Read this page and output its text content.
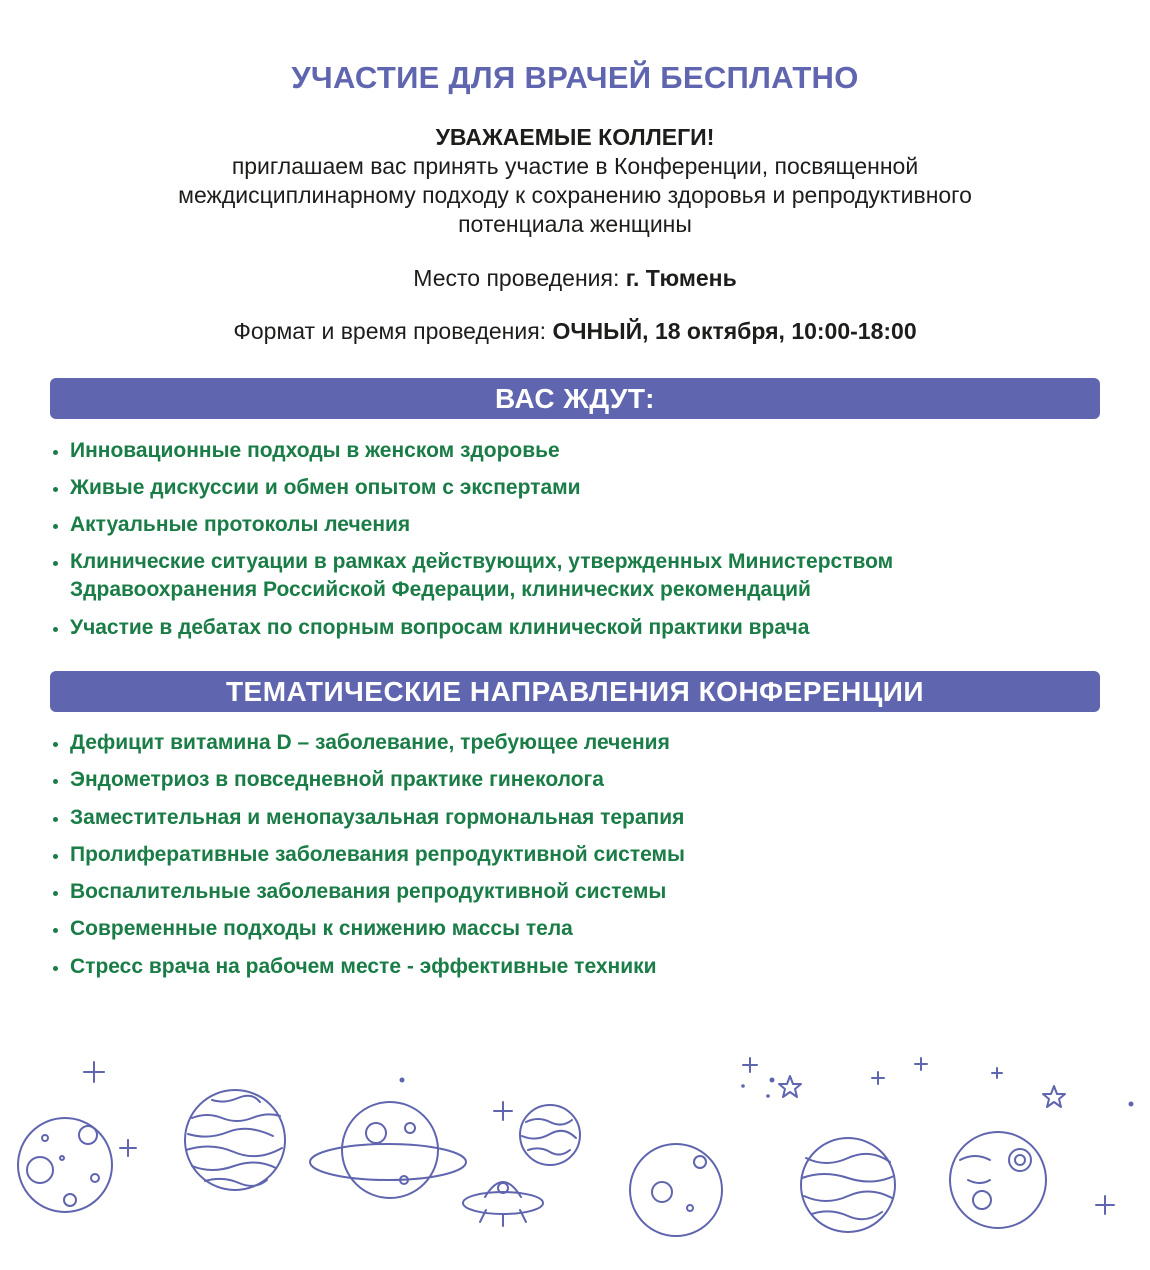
УЧАСТИЕ ДЛЯ ВРАЧЕЙ БЕСПЛАТНО
УВАЖАЕМЫЕ КОЛЛЕГИ!
приглашаем вас принять участие в Конференции, посвященной
междисциплинарному подходу к сохранению здоровья и репродуктивного
потенциала женщины
Место проведения: г. Тюмень
Формат и время проведения: ОЧНЫЙ, 18 октября, 10:00-18:00
ВАС ЖДУТ:
Инновационные подходы в женском здоровье
Живые дискуссии и обмен опытом с экспертами
Актуальные протоколы лечения
Клинические ситуации в рамках действующих, утвержденных Министерством
Здравоохранения Российской Федерации, клинических рекомендаций
Участие в дебатах по спорным вопросам клинической практики врача
ТЕМАТИЧЕСКИЕ НАПРАВЛЕНИЯ КОНФЕРЕНЦИИ
Дефицит витамина D – заболевание, требующее лечения
Эндометриоз в повседневной практике гинеколога
Заместительная и менопаузальная гормональная терапия
Пролиферативные заболевания репродуктивной системы
Воспалительные заболевания репродуктивной системы
Современные подходы к снижению массы тела
Стресс врача на рабочем месте - эффективные техники
